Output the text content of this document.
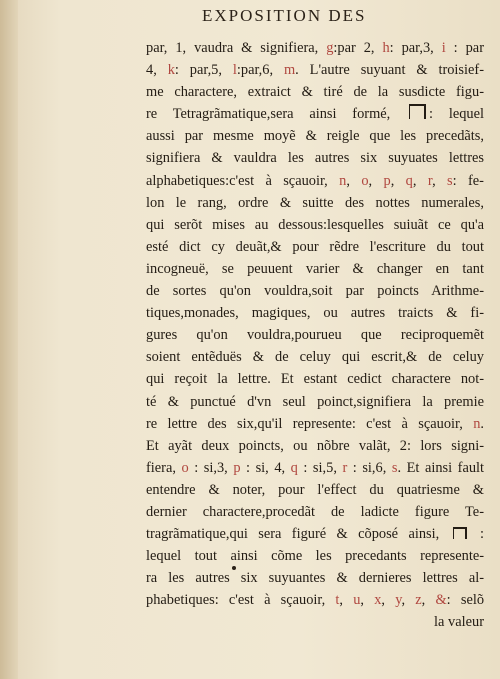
EXPOSITION DES
par, 1, vaudra & signifiera, g:par 2, h: par,3, i : par
4, k: par,5, l:par,6, m. L'autre suyuant & troisief-
me charactere, extraict & tiré de la susdicte figu-
re Tetragrãmatique,sera ainsi formé, : lequel
aussi par mesme moyẽ & reigle que les precedãts,
signifiera & vauldra les autres six suyuates lettres
alphabetiques:c'est à sçauoir, n, o, p, q, r, s: fe-
lon le rang, ordre & suitte des nottes numerales,
qui serõt mises au dessous:lesquelles suiuãt ce qu'a
esté dict cy deuãt,& pour rẽdre l'escriture du tout
incogneuë, se peuuent varier & changer en tant
de sortes qu'on vouldra,soit par poincts Arithme-
tiques,monades, magiques, ou autres traicts & fi-
gures qu'on vouldra,pourueu que reciproquemẽt
soient entẽduës & de celuy qui escrit,& de celuy
qui reçoit la lettre. Et estant cedict charactere not-
té & punctué d'vn seul poinct,signifiera la premie
re lettre des six,qu'il represente: c'est à sçauoir, n.
Et ayãt deux poincts, ou nõbre valãt, 2: lors signi-
fiera, o : si,3, p : si, 4, q : si,5, r : si,6, s. Et ainsi fault
entendre & noter, pour l'effect du quatriesme &
dernier charactere,procedãt de ladicte figure Te-
tragrãmatique,qui sera figuré & cõposé ainsi,  :
lequel tout ainsi cõme les precedants represente-
ra les autres six suyuantes & dernieres lettres al-
phabetiques: c'est à sçauoir, t, u, x, y, z, &: selõ
la valeur
